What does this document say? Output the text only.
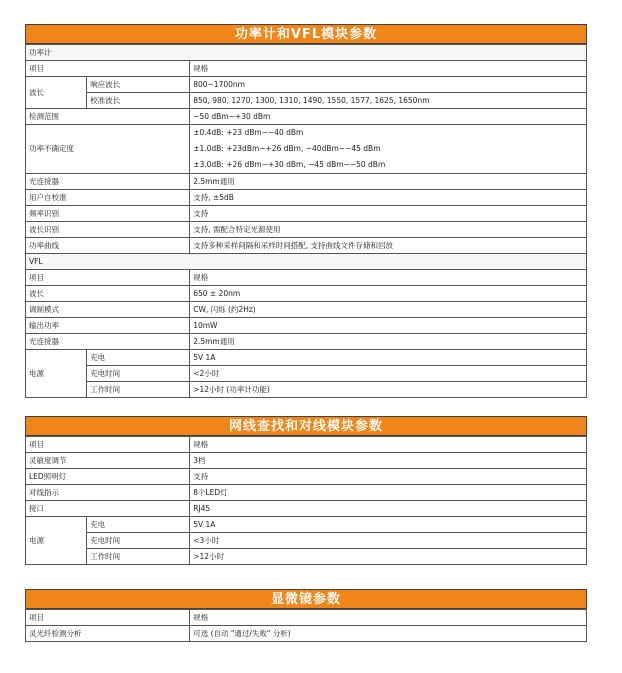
功率计和VFL模块参数
功率计		
项目		规格
波长	响应波长	800~1700nm
	校准波长	850, 980, 1270, 1300, 1310, 1490, 1550, 1577, 1625, 1650nm
检测范围		−50 dBm~+30 dBm
功率不确定度		±0.4dB: +23 dBm~−40 dBm
±1.0dB: +23dBm~+26 dBm, −40dBm~−45 dBm
±3.0dB: +26 dBm~+30 dBm, −45 dBm~−50 dBm

光连接器		2.5mm通用
用户自校准		支持, ±5dB
频率识别		支持
波长识别		支持, 需配合特定光源使用
功率曲线		支持多种采样间隔和采样时间搭配, 支持曲线文件存储和回放
VFL		
项目		规格
波长		650 ± 20nm
调制模式		CW, 闪烁 (约2Hz)
输出功率		10mW
光连接器		2.5mm通用
电源	充电	5V 1A
	充电时间	<2小时
	工作时间	>12小时 (功率计功能)
网线查找和对线模块参数
项目		规格
灵敏度调节		3档
LED照明灯		支持
对线指示		8个LED灯
接口		RJ45
电源	充电	5V 1A
	充电时间	<3小时
	工作时间	>12小时
显微镜参数
项目	规格
灵光纤检测分析	可选 (自动 "通过/失败" 分析)
